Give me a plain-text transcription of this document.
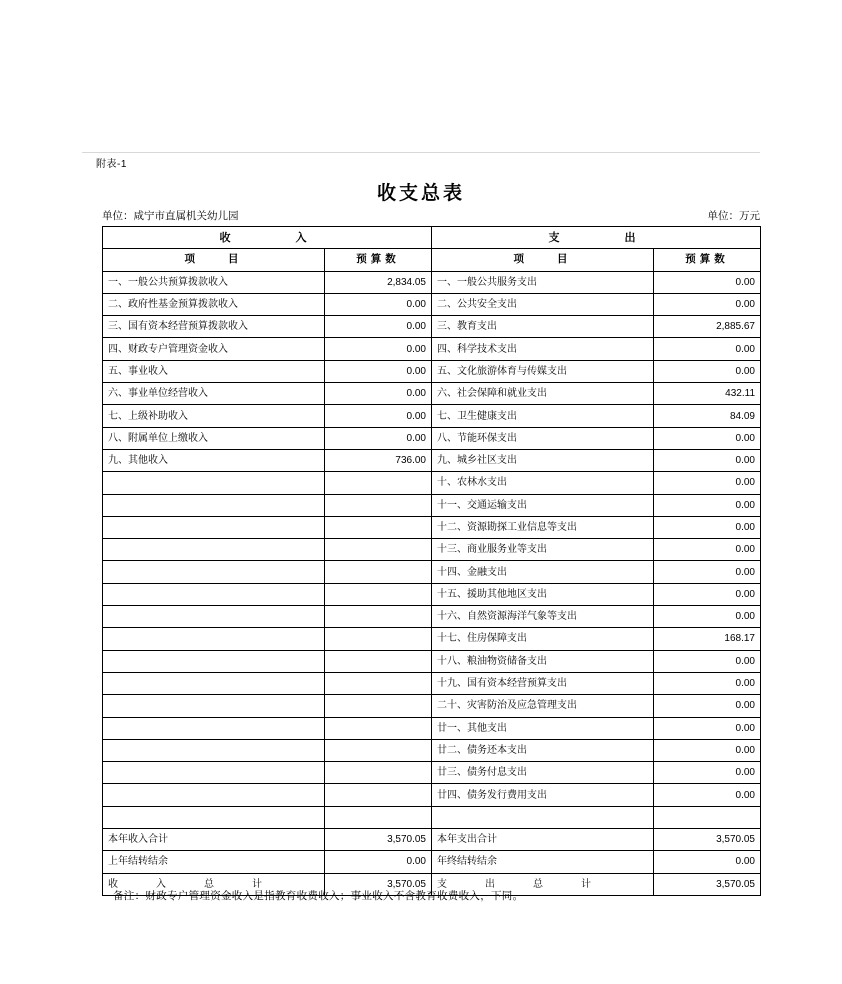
附表-1
收支总表
单位：咸宁市直属机关幼儿园	单位：万元
收　　　入		支　　　出	
项　　目	预算数	项　　目	预算数
一、一般公共预算拨款收入	2,834.05	一、一般公共服务支出	0.00
二、政府性基金预算拨款收入	0.00	二、公共安全支出	0.00
三、国有资本经营预算拨款收入	0.00	三、教育支出	2,885.67
四、财政专户管理资金收入	0.00	四、科学技术支出	0.00
五、事业收入	0.00	五、文化旅游体育与传媒支出	0.00
六、事业单位经营收入	0.00	六、社会保障和就业支出	432.11
七、上级补助收入	0.00	七、卫生健康支出	84.09
八、附属单位上缴收入	0.00	八、节能环保支出	0.00
九、其他收入	736.00	九、城乡社区支出	0.00
		十、农林水支出	0.00
		十一、交通运输支出	0.00
		十二、资源勘探工业信息等支出	0.00
		十三、商业服务业等支出	0.00
		十四、金融支出	0.00
		十五、援助其他地区支出	0.00
		十六、自然资源海洋气象等支出	0.00
		十七、住房保障支出	168.17
		十八、粮油物资储备支出	0.00
		十九、国有资本经营预算支出	0.00
		二十、灾害防治及应急管理支出	0.00
		廿一、其他支出	0.00
		廿二、债务还本支出	0.00
		廿三、债务付息支出	0.00
		廿四、债务发行费用支出	0.00

本年收入合计	3,570.05	本年支出合计	3,570.05
上年结转结余	0.00	年终结转结余	0.00
收　　入　　总　　计	3,570.05	支　　出　　总　　计	3,570.05
备注：财政专户管理资金收入是指教育收费收入；事业收入不含教育收费收入，下同。
